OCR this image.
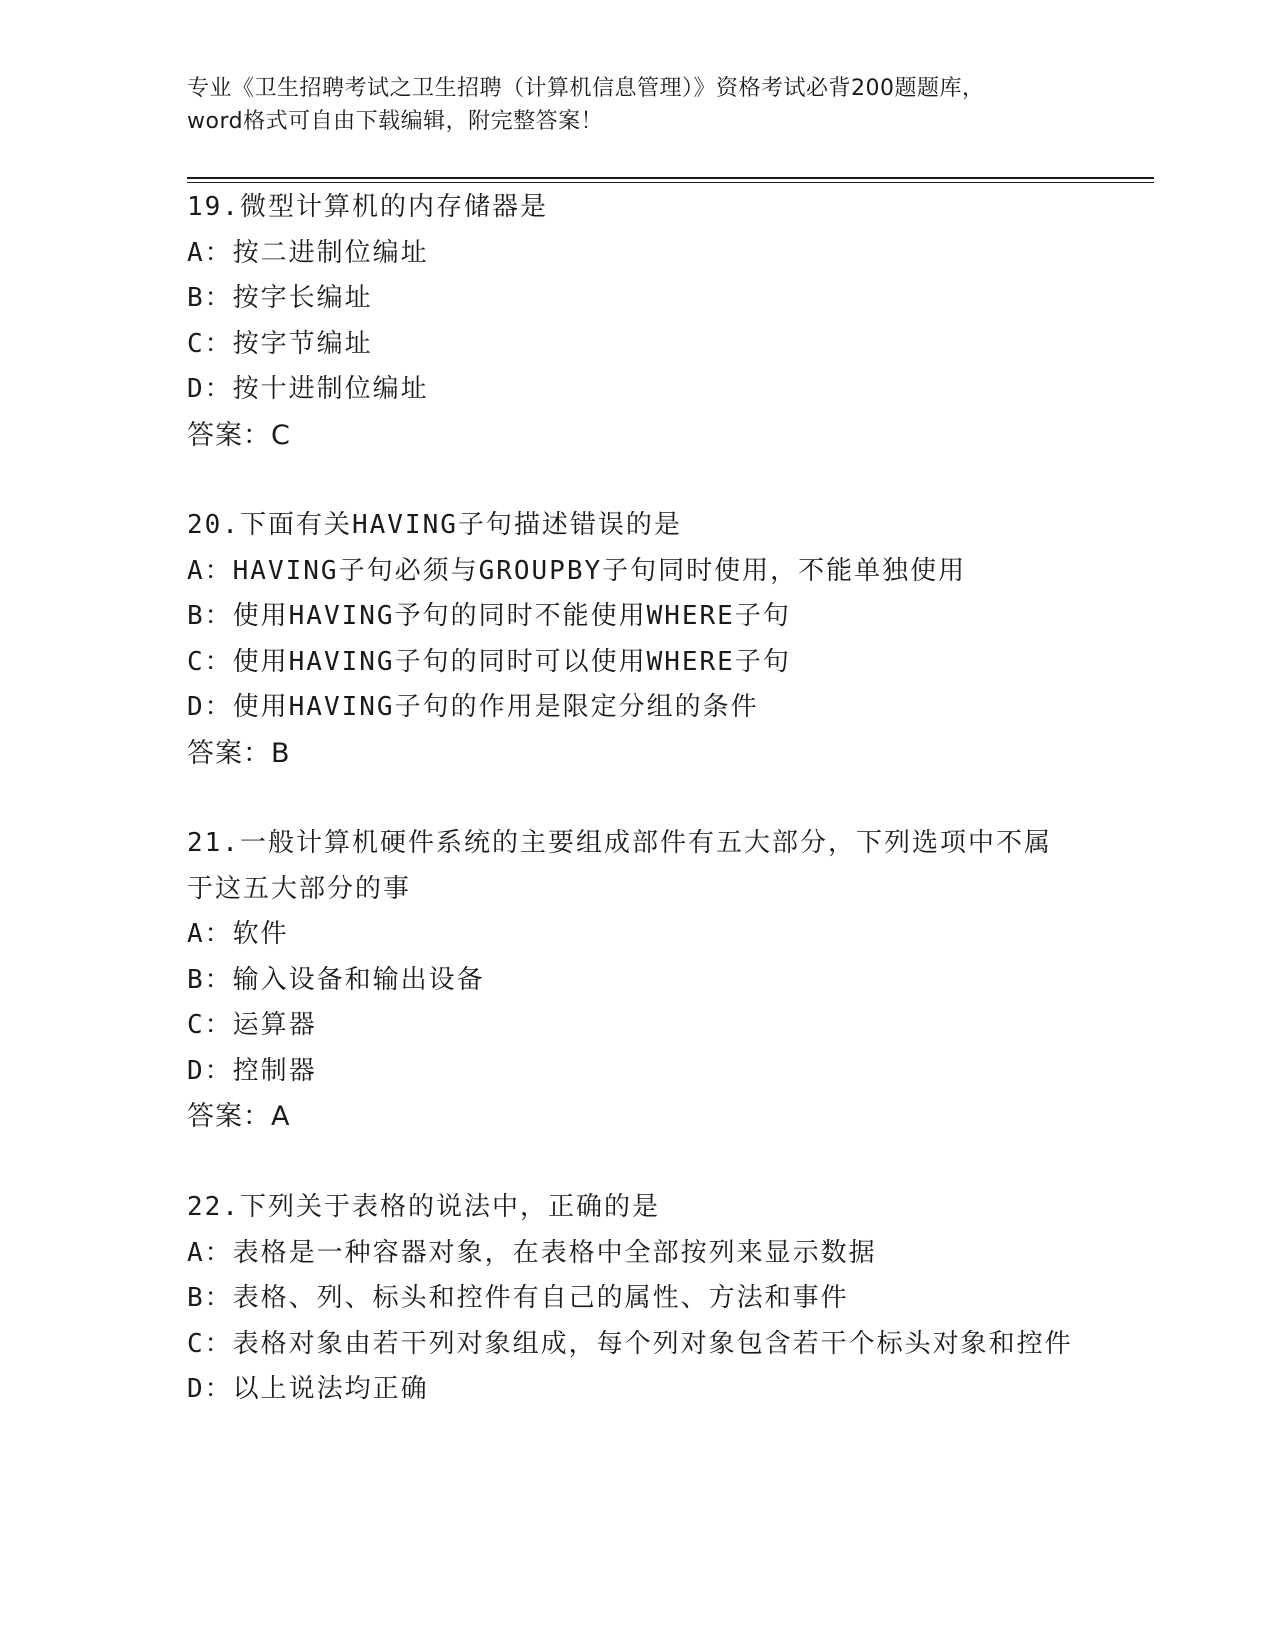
专业《卫生招聘考试之卫生招聘（计算机信息管理）》资格考试必背200题题库，
word格式可自由下载编辑，附完整答案！
19.微型计算机的内存储器是
A：按二进制位编址
B：按字长编址
C：按字节编址
D：按十进制位编址
答案：C
20.下面有关HAVING子句描述错误的是
A：HAVING子句必须与GROUPBY子句同时使用，不能单独使用
B：使用HAVING予句的同时不能使用WHERE子句
C：使用HAVING子句的同时可以使用WHERE子句
D：使用HAVING子句的作用是限定分组的条件
答案：B
21.一般计算机硬件系统的主要组成部件有五大部分，下列选项中不属于这五大部分的事
A：软件
B：输入设备和输出设备
C：运算器
D：控制器
答案：A
22.下列关于表格的说法中，正确的是
A：表格是一种容器对象，在表格中全部按列来显示数据
B：表格、列、标头和控件有自己的属性、方法和事件
C：表格对象由若干列对象组成，每个列对象包含若干个标头对象和控件
D：以上说法均正确
